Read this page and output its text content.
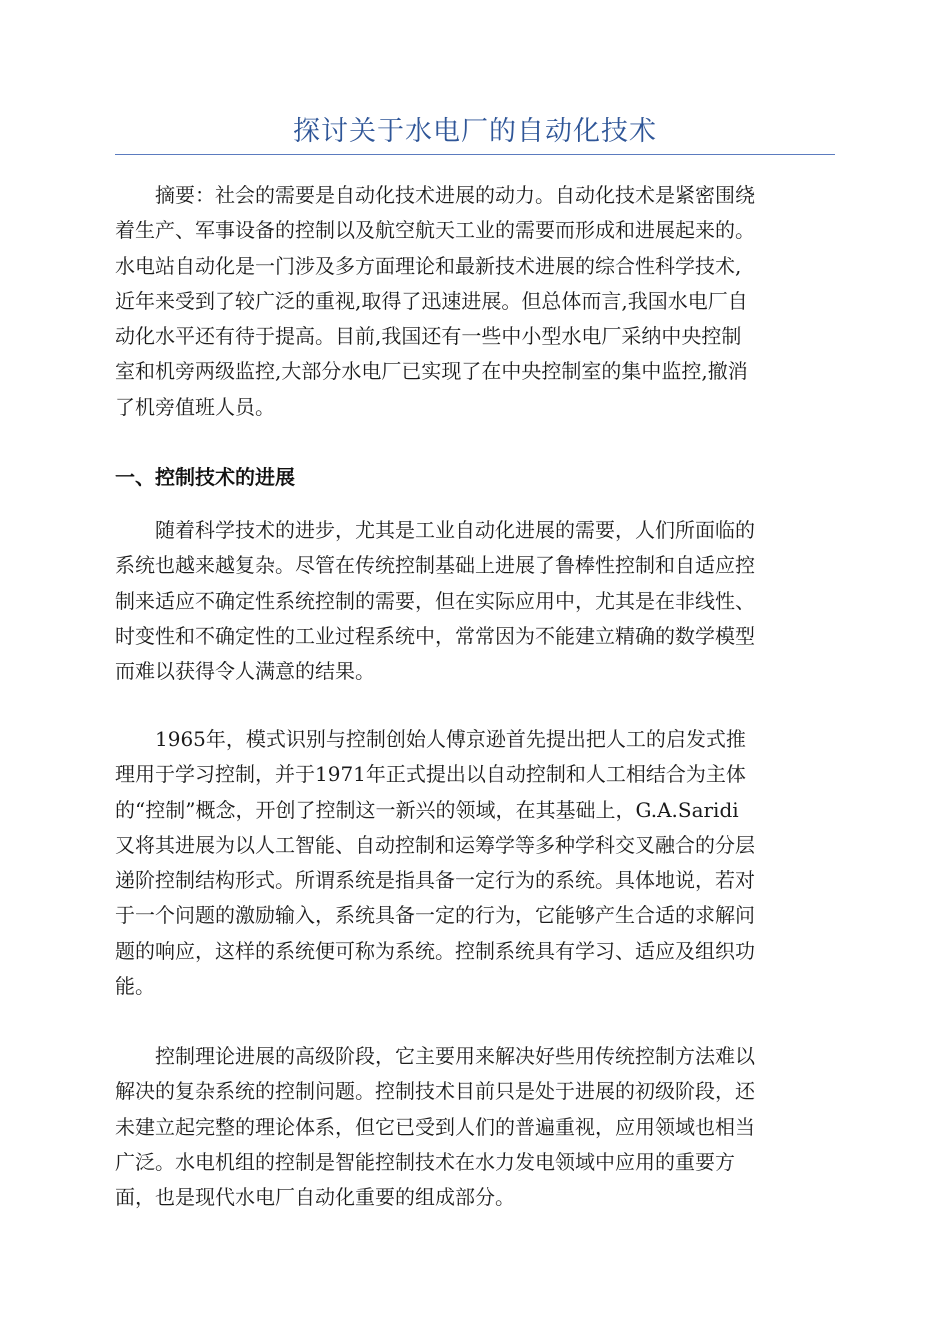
探讨关于水电厂的自动化技术
摘要：社会的需要是自动化技术进展的动力。自动化技术是紧密围绕
着生产、军事设备的控制以及航空航天工业的需要而形成和进展起来的。
水电站自动化是一门涉及多方面理论和最新技术进展的综合性科学技术,
近年来受到了较广泛的重视,取得了迅速进展。但总体而言,我国水电厂自
动化水平还有待于提高。目前,我国还有一些中小型水电厂采纳中央控制
室和机旁两级监控,大部分水电厂已实现了在中央控制室的集中监控,撤消
了机旁值班人员。
一、控制技术的进展
随着科学技术的进步，尤其是工业自动化进展的需要，人们所面临的
系统也越来越复杂。尽管在传统控制基础上进展了鲁棒性控制和自适应控
制来适应不确定性系统控制的需要，但在实际应用中，尤其是在非线性、
时变性和不确定性的工业过程系统中，常常因为不能建立精确的数学模型
而难以获得令人满意的结果。
1965年，模式识别与控制创始人傅京逊首先提出把人工的启发式推
理用于学习控制，并于1971年正式提出以自动控制和人工相结合为主体
的“控制”概念，开创了控制这一新兴的领域，在其基础上，G.A.Saridi
又将其进展为以人工智能、自动控制和运筹学等多种学科交叉融合的分层
递阶控制结构形式。所谓系统是指具备一定行为的系统。具体地说，若对
于一个问题的激励输入，系统具备一定的行为，它能够产生合适的求解问
题的响应，这样的系统便可称为系统。控制系统具有学习、适应及组织功
能。
控制理论进展的高级阶段，它主要用来解决好些用传统控制方法难以
解决的复杂系统的控制问题。控制技术目前只是处于进展的初级阶段，还
未建立起完整的理论体系，但它已受到人们的普遍重视，应用领域也相当
广泛。水电机组的控制是智能控制技术在水力发电领域中应用的重要方
面，也是现代水电厂自动化重要的组成部分。
